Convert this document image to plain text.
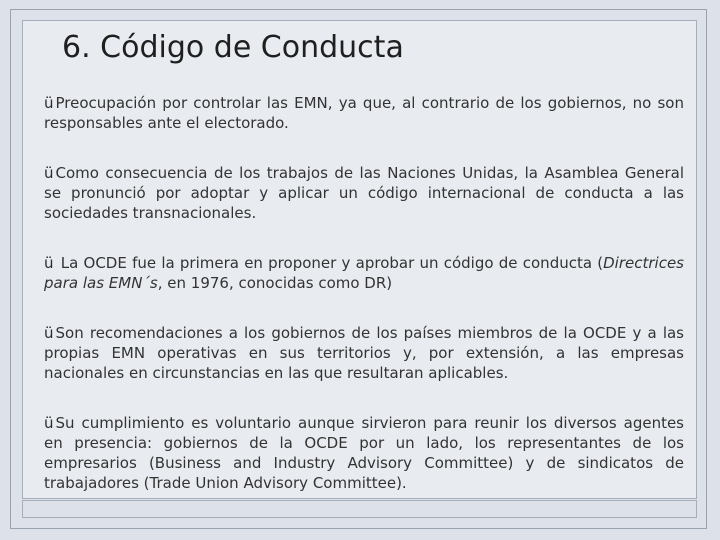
6. Código de Conducta

ü Preocupación por controlar las EMN, ya que, al contrario de los gobiernos, no son responsables ante el electorado.

ü Como consecuencia de los trabajos de las Naciones Unidas, la Asamblea General se pronunció por adoptar y aplicar un código internacional de conducta a las sociedades transnacionales.

ü La OCDE fue la primera en proponer y aprobar un código de conducta (Directrices para las EMN´s, en 1976, conocidas como DR)

ü Son recomendaciones a los gobiernos de los países miembros de la OCDE y a las propias EMN operativas en sus territorios y, por extensión, a las empresas nacionales en circunstancias en las que resultaran aplicables.

ü Su cumplimiento es voluntario aunque sirvieron para reunir los diversos agentes en presencia: gobiernos de la OCDE por un lado, los representantes de los empresarios (Business and Industry Advisory Committee) y de sindicatos de trabajadores (Trade Union Advisory Committee).
